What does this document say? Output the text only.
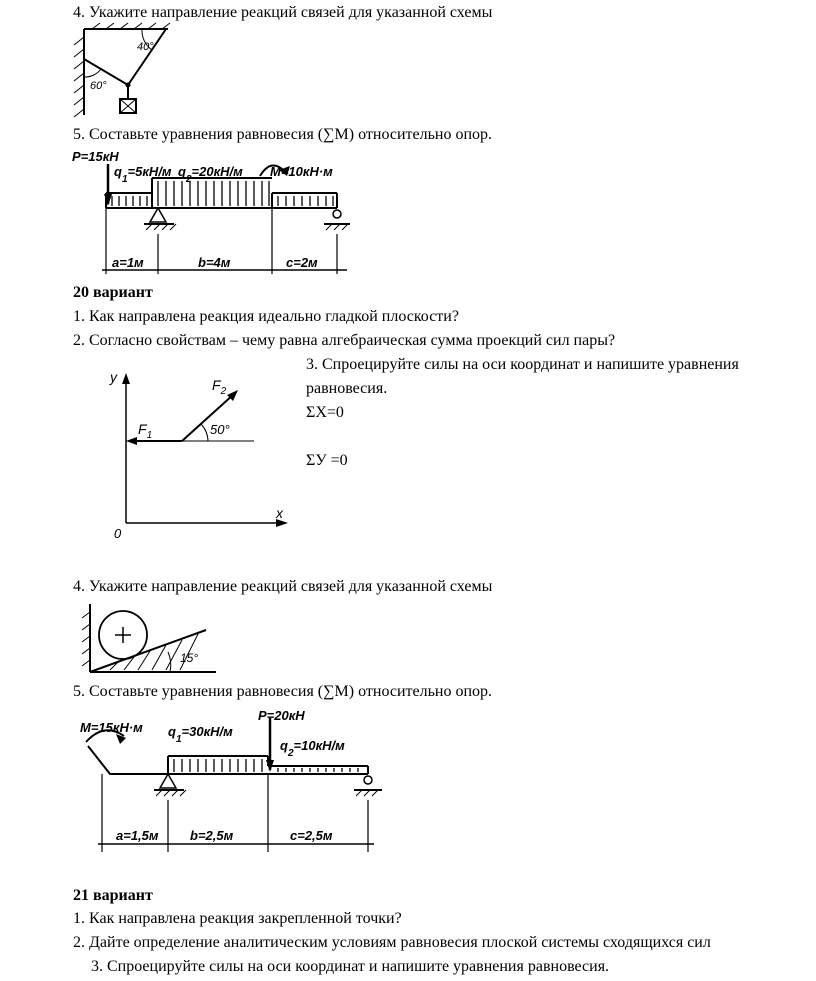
4. Укажите направление реакций связей для указанной схемы
40°
60°
5. Составьте уравнения равновесия (∑M) относительно опор.
P=15кН
$q_1=5кН/м$ $q_2=20кН/м$ M=10кН·м
a=1м	b=4м	c=2м
20 вариант
1. Как направлена реакция идеально гладкой плоскости?
2. Согласно свойствам – чему равна алгебраическая сумма проекций сил пары?
3. Спроецируйте силы на оси координат и напишите уравнения
равновесия.
ΣХ=0
ΣУ =0
y
x
0
$F_1$
$F_2$
50°
4. Укажите направление реакций связей для указанной схемы
15°
5. Составьте уравнения равновесия (∑M) относительно опор.
M=15кН·м $q_1=30кН/м$
P=20кН
$q_2=10кН/м$
a=1,5м b=2,5м	c=2,5м
21 вариант
1. Как направлена реакция закрепленной точки?
2. Дайте определение аналитическим условиям равновесия плоской системы сходящихся сил
3. Спроецируйте силы на оси координат и напишите уравнения равновесия.
